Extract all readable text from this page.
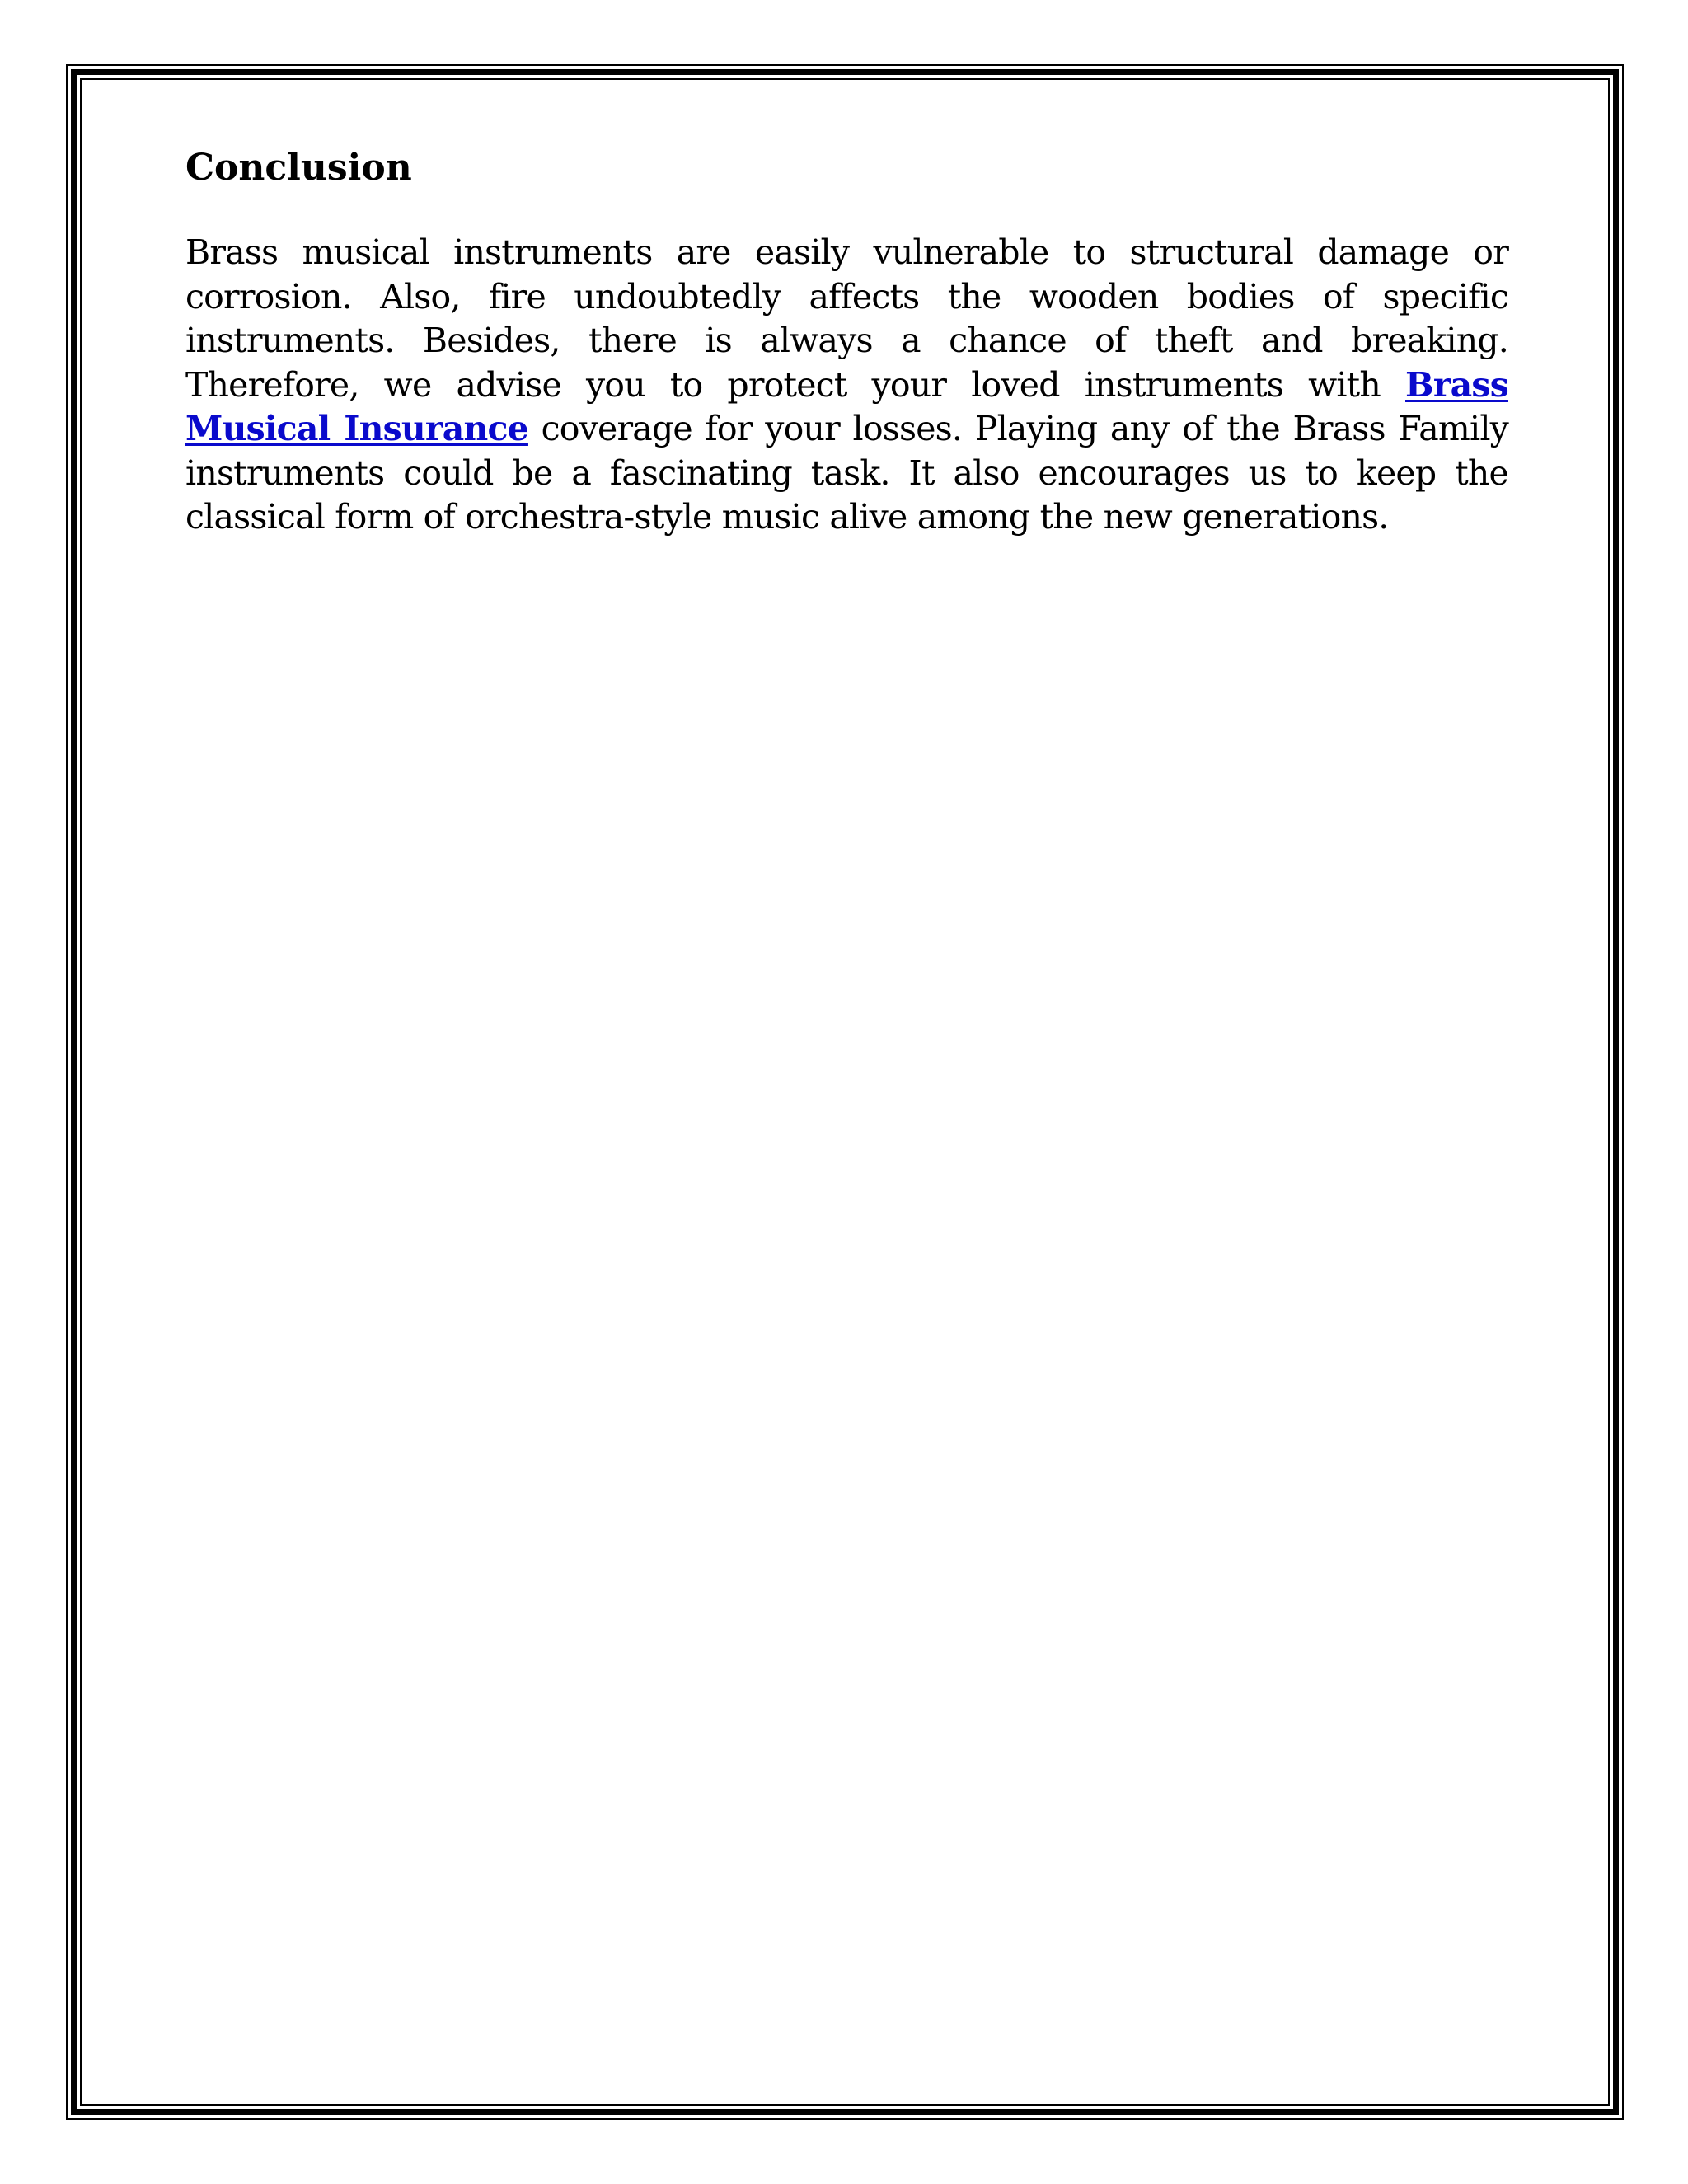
Conclusion

Brass musical instruments are easily vulnerable to structural damage or corrosion. Also, fire undoubtedly affects the wooden bodies of specific instruments. Besides, there is always a chance of theft and breaking. Therefore, we advise you to protect your loved instruments with Brass Musical Insurance coverage for your losses. Playing any of the Brass Family instruments could be a fascinating task. It also encourages us to keep the classical form of orchestra-style music alive among the new generations.
